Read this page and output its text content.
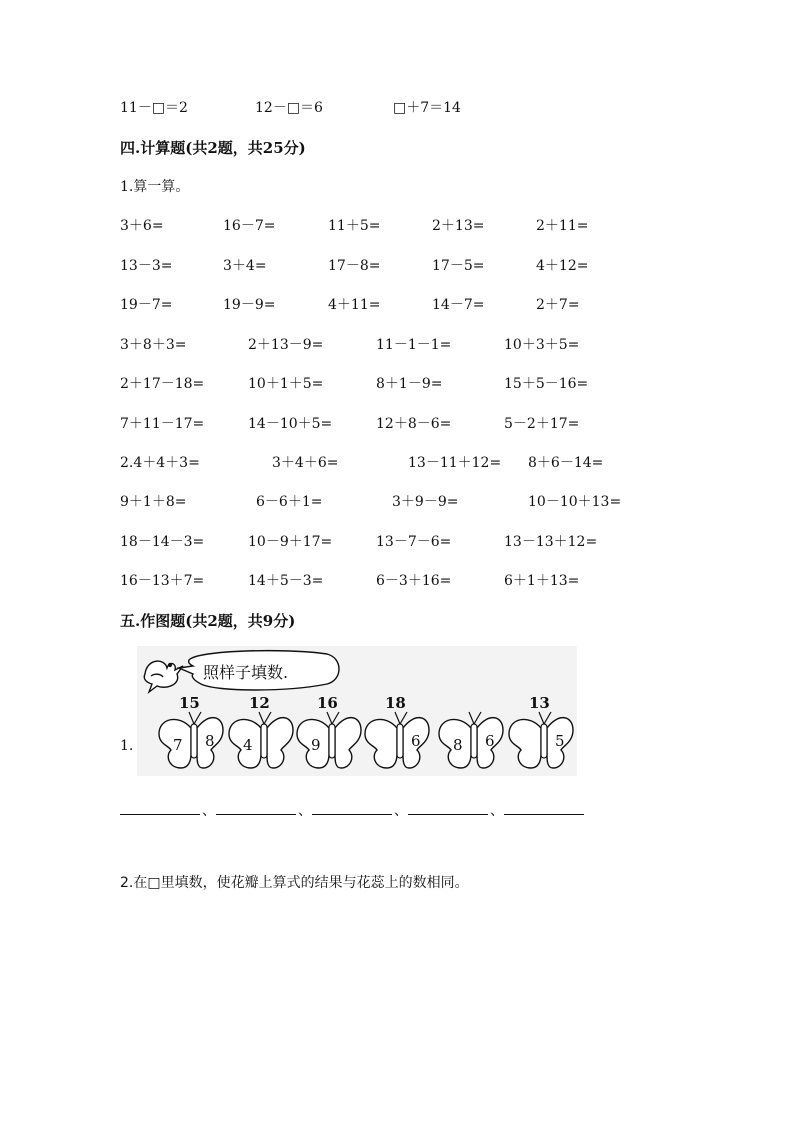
11－□＝2	12－□＝6	□＋7＝14
四.计算题(共2题，共25分)
1.算一算。
3＋6=	16－7=	11＋5=	2＋13=	2＋11=
13－3=	3＋4=	17－8=	17－5=	4＋12=
19－7=	19－9=	4＋11=	14－7=	2＋7=
3＋8＋3=	2＋13－9=	11－1－1=	10＋3＋5=
2＋17－18=	10＋1＋5=	8＋1－9=	15＋5－16=
7＋11－17=	14－10＋5=	12＋8－6=	5－2＋17=
2.4＋4＋3=	3＋4＋6=	13－11＋12= 8＋6－14=
9＋1＋8=	6－6＋1=	3＋9－9=	10－10＋13=
18－14－3=	10－9＋17=	13－7－6=	13－13＋12=
16－13＋7=	14＋5－3=	6－3＋16=	6＋1＋13=
五.作图题(共2题，共9分)
1.
照样子填数.
15
7 8
12
4
16
9
18
6 8 6
13
5
、	、	、	、
2.在□里填数，使花瓣上算式的结果与花蕊上的数相同。
